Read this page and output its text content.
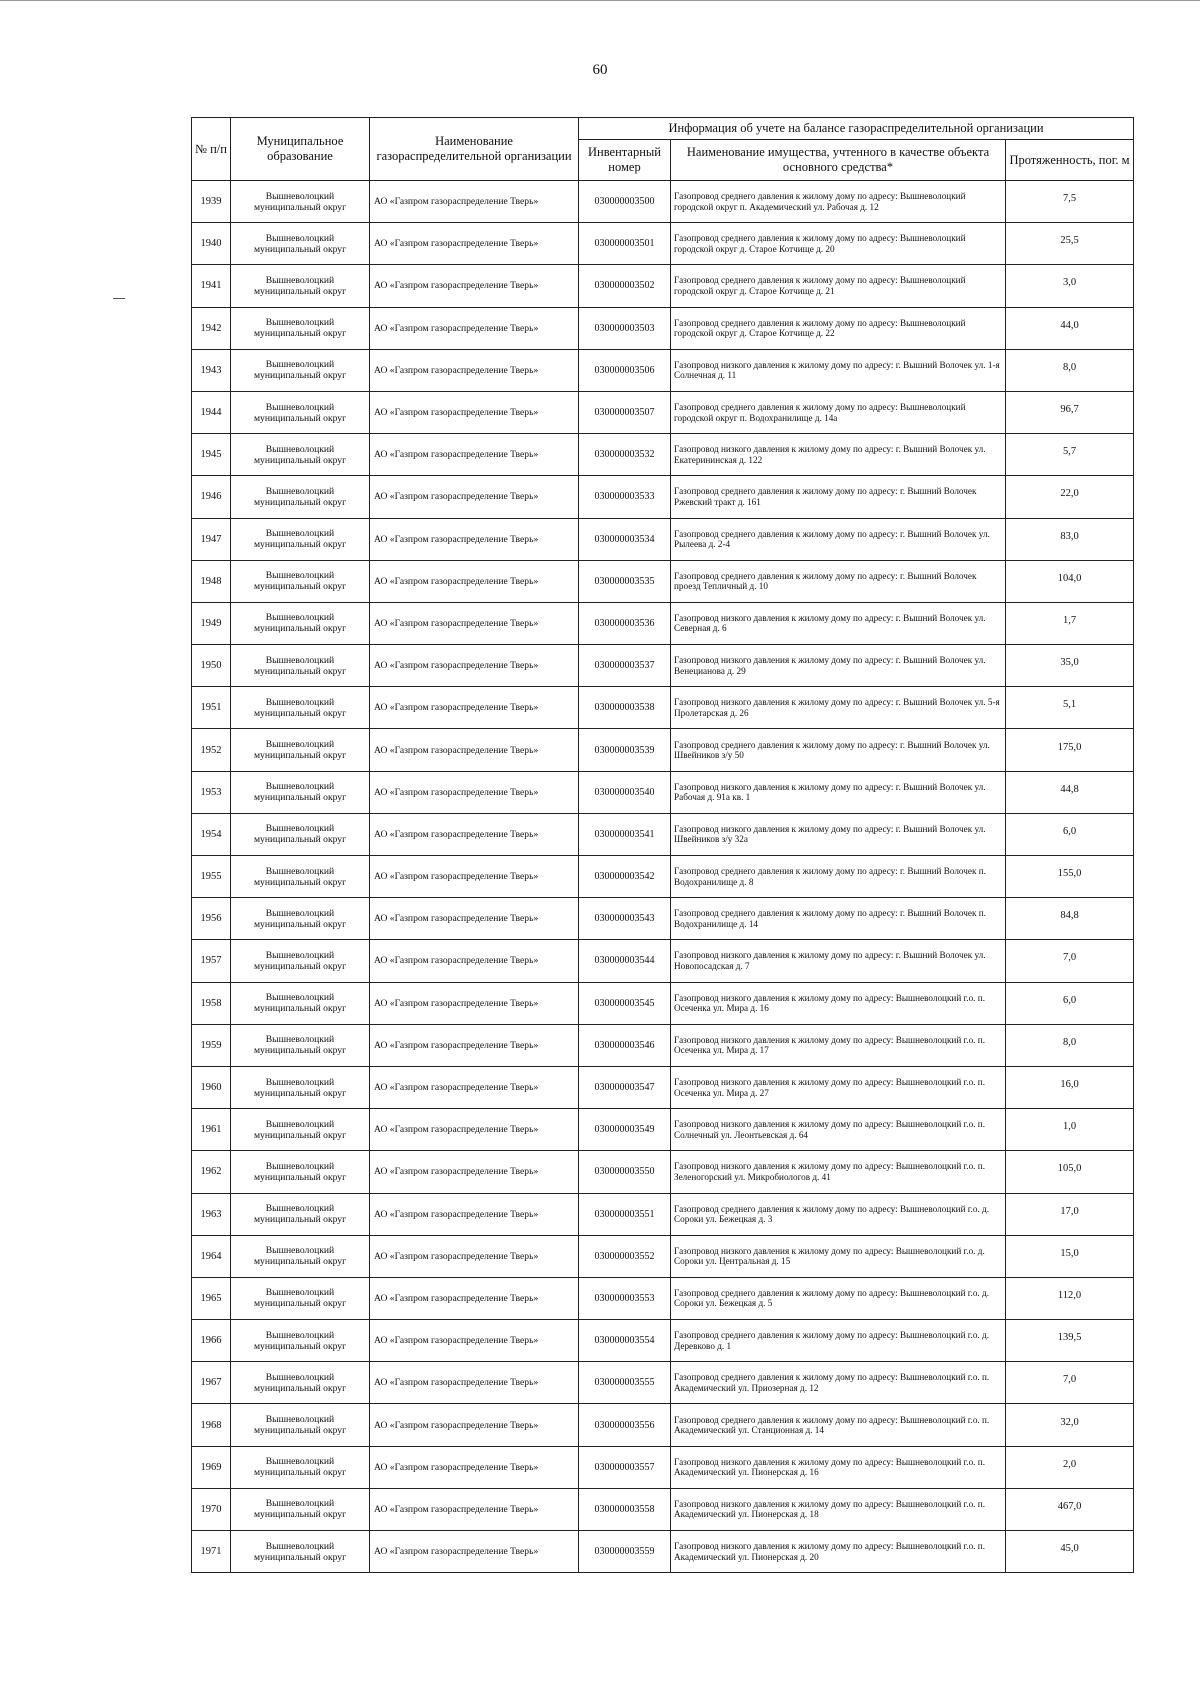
60
№ п/п	Муниципальное образование	Наименование газораспределительной организации	Информация об учете на балансе газораспределительной организации		
			Инвентарный номер	Наименование имущества, учтенного в качестве объекта основного средства*	Протяженность, пог. м
1939	Вышневолоцкий муниципальный округ	АО «Газпром газораспределение Тверь»	030000003500	Газопровод среднего давления к жилому дому по адресу: Вышневолоцкий городской округ п. Академический ул. Рабочая д. 12	7,5
1940	Вышневолоцкий муниципальный округ	АО «Газпром газораспределение Тверь»	030000003501	Газопровод среднего давления к жилому дому по адресу: Вышневолоцкий городской округ д. Старое Котчище д. 20	25,5
1941	Вышневолоцкий муниципальный округ	АО «Газпром газораспределение Тверь»	030000003502	Газопровод среднего давления к жилому дому по адресу: Вышневолоцкий городской округ д. Старое Котчище д. 21	3,0
1942	Вышневолоцкий муниципальный округ	АО «Газпром газораспределение Тверь»	030000003503	Газопровод среднего давления к жилому дому по адресу: Вышневолоцкий городской округ д. Старое Котчище д. 22	44,0
1943	Вышневолоцкий муниципальный округ	АО «Газпром газораспределение Тверь»	030000003506	Газопровод низкого давления к жилому дому по адресу: г. Вышний Волочек ул. 1-я Солнечная д. 11	8,0
1944	Вышневолоцкий муниципальный округ	АО «Газпром газораспределение Тверь»	030000003507	Газопровод среднего давления к жилому дому по адресу: Вышневолоцкий городской округ п. Водохранилище д. 14а	96,7
1945	Вышневолоцкий муниципальный округ	АО «Газпром газораспределение Тверь»	030000003532	Газопровод низкого давления к жилому дому по адресу: г. Вышний Волочек ул. Екатерининская д. 122	5,7
1946	Вышневолоцкий муниципальный округ	АО «Газпром газораспределение Тверь»	030000003533	Газопровод среднего давления к жилому дому по адресу: г. Вышний Волочек Ржевский тракт д. 161	22,0
1947	Вышневолоцкий муниципальный округ	АО «Газпром газораспределение Тверь»	030000003534	Газопровод среднего давления к жилому дому по адресу: г. Вышний Волочек ул. Рылеева д. 2-4	83,0
1948	Вышневолоцкий муниципальный округ	АО «Газпром газораспределение Тверь»	030000003535	Газопровод среднего давления к жилому дому по адресу: г. Вышний Волочек проезд Тепличный д. 10	104,0
1949	Вышневолоцкий муниципальный округ	АО «Газпром газораспределение Тверь»	030000003536	Газопровод низкого давления к жилому дому по адресу: г. Вышний Волочек ул. Северная д. 6	1,7
1950	Вышневолоцкий муниципальный округ	АО «Газпром газораспределение Тверь»	030000003537	Газопровод низкого давления к жилому дому по адресу: г. Вышний Волочек ул. Венецианова д. 29	35,0
1951	Вышневолоцкий муниципальный округ	АО «Газпром газораспределение Тверь»	030000003538	Газопровод низкого давления к жилому дому по адресу: г. Вышний Волочек ул. 5-я Пролетарская д. 26	5,1
1952	Вышневолоцкий муниципальный округ	АО «Газпром газораспределение Тверь»	030000003539	Газопровод среднего давления к жилому дому по адресу: г. Вышний Волочек ул. Швейников з/у 50	175,0
1953	Вышневолоцкий муниципальный округ	АО «Газпром газораспределение Тверь»	030000003540	Газопровод низкого давления к жилому дому по адресу: г. Вышний Волочек ул. Рабочая д. 91а кв. 1	44,8
1954	Вышневолоцкий муниципальный округ	АО «Газпром газораспределение Тверь»	030000003541	Газопровод низкого давления к жилому дому по адресу: г. Вышний Волочек ул. Швейников з/у 32а	6,0
1955	Вышневолоцкий муниципальный округ	АО «Газпром газораспределение Тверь»	030000003542	Газопровод среднего давления к жилому дому по адресу: г. Вышний Волочек п. Водохранилище д. 8	155,0
1956	Вышневолоцкий муниципальный округ	АО «Газпром газораспределение Тверь»	030000003543	Газопровод среднего давления к жилому дому по адресу: г. Вышний Волочек п. Водохранилище д. 14	84,8
1957	Вышневолоцкий муниципальный округ	АО «Газпром газораспределение Тверь»	030000003544	Газопровод низкого давления к жилому дому по адресу: г. Вышний Волочек ул. Новопосадская д. 7	7,0
1958	Вышневолоцкий муниципальный округ	АО «Газпром газораспределение Тверь»	030000003545	Газопровод низкого давления к жилому дому по адресу: Вышневолоцкий г.о. п. Осеченка ул. Мира д. 16	6,0
1959	Вышневолоцкий муниципальный округ	АО «Газпром газораспределение Тверь»	030000003546	Газопровод низкого давления к жилому дому по адресу: Вышневолоцкий г.о. п. Осеченка ул. Мира д. 17	8,0
1960	Вышневолоцкий муниципальный округ	АО «Газпром газораспределение Тверь»	030000003547	Газопровод низкого давления к жилому дому по адресу: Вышневолоцкий г.о. п. Осеченка ул. Мира д. 27	16,0
1961	Вышневолоцкий муниципальный округ	АО «Газпром газораспределение Тверь»	030000003549	Газопровод низкого давления к жилому дому по адресу: Вышневолоцкий г.о. п. Солнечный ул. Леонтьевская д. 64	1,0
1962	Вышневолоцкий муниципальный округ	АО «Газпром газораспределение Тверь»	030000003550	Газопровод низкого давления к жилому дому по адресу: Вышневолоцкий г.о. п. Зеленогорский ул. Микробиологов д. 41	105,0
1963	Вышневолоцкий муниципальный округ	АО «Газпром газораспределение Тверь»	030000003551	Газопровод среднего давления к жилому дому по адресу: Вышневолоцкий г.о. д. Сороки ул. Бежецкая д. 3	17,0
1964	Вышневолоцкий муниципальный округ	АО «Газпром газораспределение Тверь»	030000003552	Газопровод низкого давления к жилому дому по адресу: Вышневолоцкий г.о. д. Сороки ул. Центральная д. 15	15,0
1965	Вышневолоцкий муниципальный округ	АО «Газпром газораспределение Тверь»	030000003553	Газопровод среднего давления к жилому дому по адресу: Вышневолоцкий г.о. д. Сороки ул. Бежецкая д. 5	112,0
1966	Вышневолоцкий муниципальный округ	АО «Газпром газораспределение Тверь»	030000003554	Газопровод среднего давления к жилому дому по адресу: Вышневолоцкий г.о. д. Деревково д. 1	139,5
1967	Вышневолоцкий муниципальный округ	АО «Газпром газораспределение Тверь»	030000003555	Газопровод среднего давления к жилому дому по адресу: Вышневолоцкий г.о. п. Академический ул. Приозерная д. 12	7,0
1968	Вышневолоцкий муниципальный округ	АО «Газпром газораспределение Тверь»	030000003556	Газопровод среднего давления к жилому дому по адресу: Вышневолоцкий г.о. п. Академический ул. Станционная д. 14	32,0
1969	Вышневолоцкий муниципальный округ	АО «Газпром газораспределение Тверь»	030000003557	Газопровод низкого давления к жилому дому по адресу: Вышневолоцкий г.о. п. Академический ул. Пионерская д. 16	2,0
1970	Вышневолоцкий муниципальный округ	АО «Газпром газораспределение Тверь»	030000003558	Газопровод низкого давления к жилому дому по адресу: Вышневолоцкий г.о. п. Академический ул. Пионерская д. 18	467,0
1971	Вышневолоцкий муниципальный округ	АО «Газпром газораспределение Тверь»	030000003559	Газопровод низкого давления к жилому дому по адресу: Вышневолоцкий г.о. п. Академический ул. Пионерская д. 20	45,0
